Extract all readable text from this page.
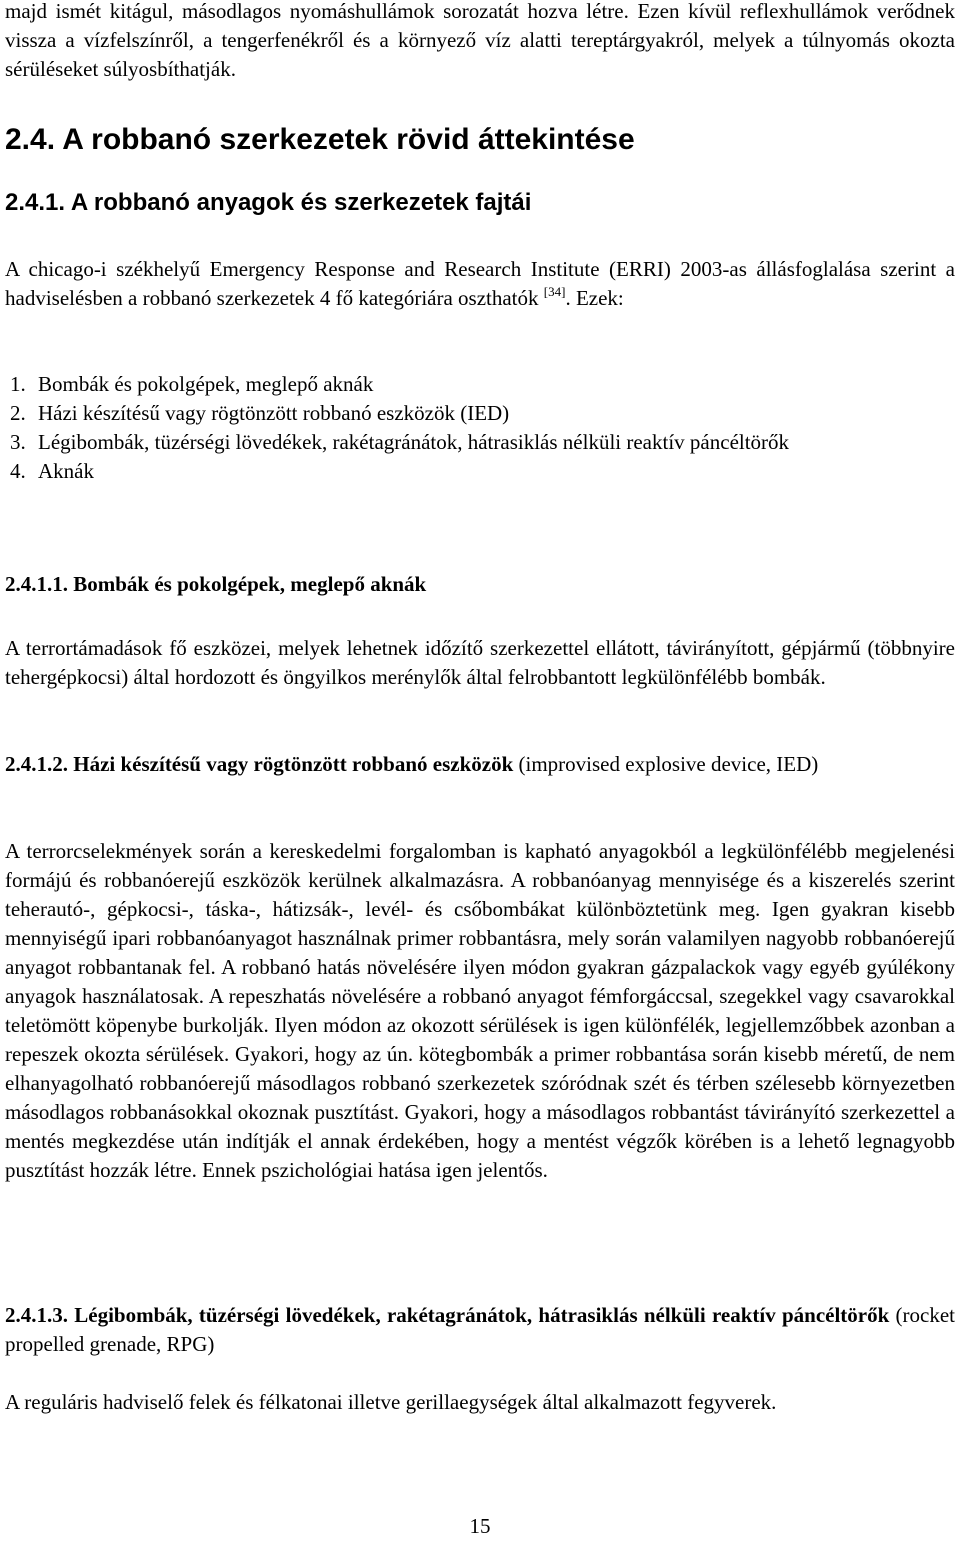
majd ismét kitágul, másodlagos nyomáshullámok sorozatát hozva létre. Ezen kívül reflexhullámok verődnek vissza a vízfelszínről, a tengerfenékről és a környező víz alatti tereptárgyakról, melyek a túlnyomás okozta sérüléseket súlyosbíthatják.

2.4. A robbanó szerkezetek rövid áttekintése
2.4.1. A robbanó anyagok és szerkezetek fajtái

A chicago-i székhelyű Emergency Response and Research Institute (ERRI) 2003-as állásfoglalása szerint a hadviselésben a robbanó szerkezetek 4 fő kategóriára oszthatók [34]. Ezek:

1. Bombák és pokolgépek, meglepő aknák
2. Házi készítésű vagy rögtönzött robbanó eszközök (IED)
3. Légibombák, tüzérségi lövedékek, rakétagránátok, hátrasiklás nélküli reaktív páncéltörők
4. Aknák
2.4.1.1. Bombák és pokolgépek, meglepő aknák

A terrortámadások fő eszközei, melyek lehetnek időzítő szerkezettel ellátott, távirányított, gépjármű (többnyire tehergépkocsi) által hordozott és öngyilkos merénylők által felrobbantott legkülönfélébb bombák.

2.4.1.2. Házi készítésű vagy rögtönzött robbanó eszközök (improvised explosive device, IED)

A terrorcselekmények során a kereskedelmi forgalomban is kapható anyagokból a legkülönfélébb megjelenési formájú és robbanóerejű eszközök kerülnek alkalmazásra. A robbanóanyag mennyisége és a kiszerelés szerint teherautó-, gépkocsi-, táska-, hátizsák-, levél- és csőbombákat különböztetünk meg. Igen gyakran kisebb mennyiségű ipari robbanóanyagot használnak primer robbantásra, mely során valamilyen nagyobb robbanóerejű anyagot robbantanak fel. A robbanó hatás növelésére ilyen módon gyakran gázpalackok vagy egyéb gyúlékony anyagok használatosak. A repeszhatás növelésére a robbanó anyagot fémforgáccsal, szegekkel vagy csavarokkal teletömött köpenybe burkolják. Ilyen módon az okozott sérülések is igen különfélék, legjellemzőbbek azonban a repeszek okozta sérülések. Gyakori, hogy az ún. kötegbombák a primer robbantása során kisebb méretű, de nem elhanyagolható robbanóerejű másodlagos robbanó szerkezetek szóródnak szét és térben szélesebb környezetben másodlagos robbanásokkal okoznak pusztítást. Gyakori, hogy a másodlagos robbantást távirányító szerkezettel a mentés megkezdése után indítják el annak érdekében, hogy a mentést végzők körében is a lehető legnagyobb pusztítást hozzák létre. Ennek pszichológiai hatása igen jelentős.

2.4.1.3. Légibombák, tüzérségi lövedékek, rakétagránátok, hátrasiklás nélküli reaktív páncéltörők (rocket propelled grenade, RPG)

A reguláris hadviselő felek és félkatonai illetve gerillaegységek által alkalmazott fegyverek.

15
